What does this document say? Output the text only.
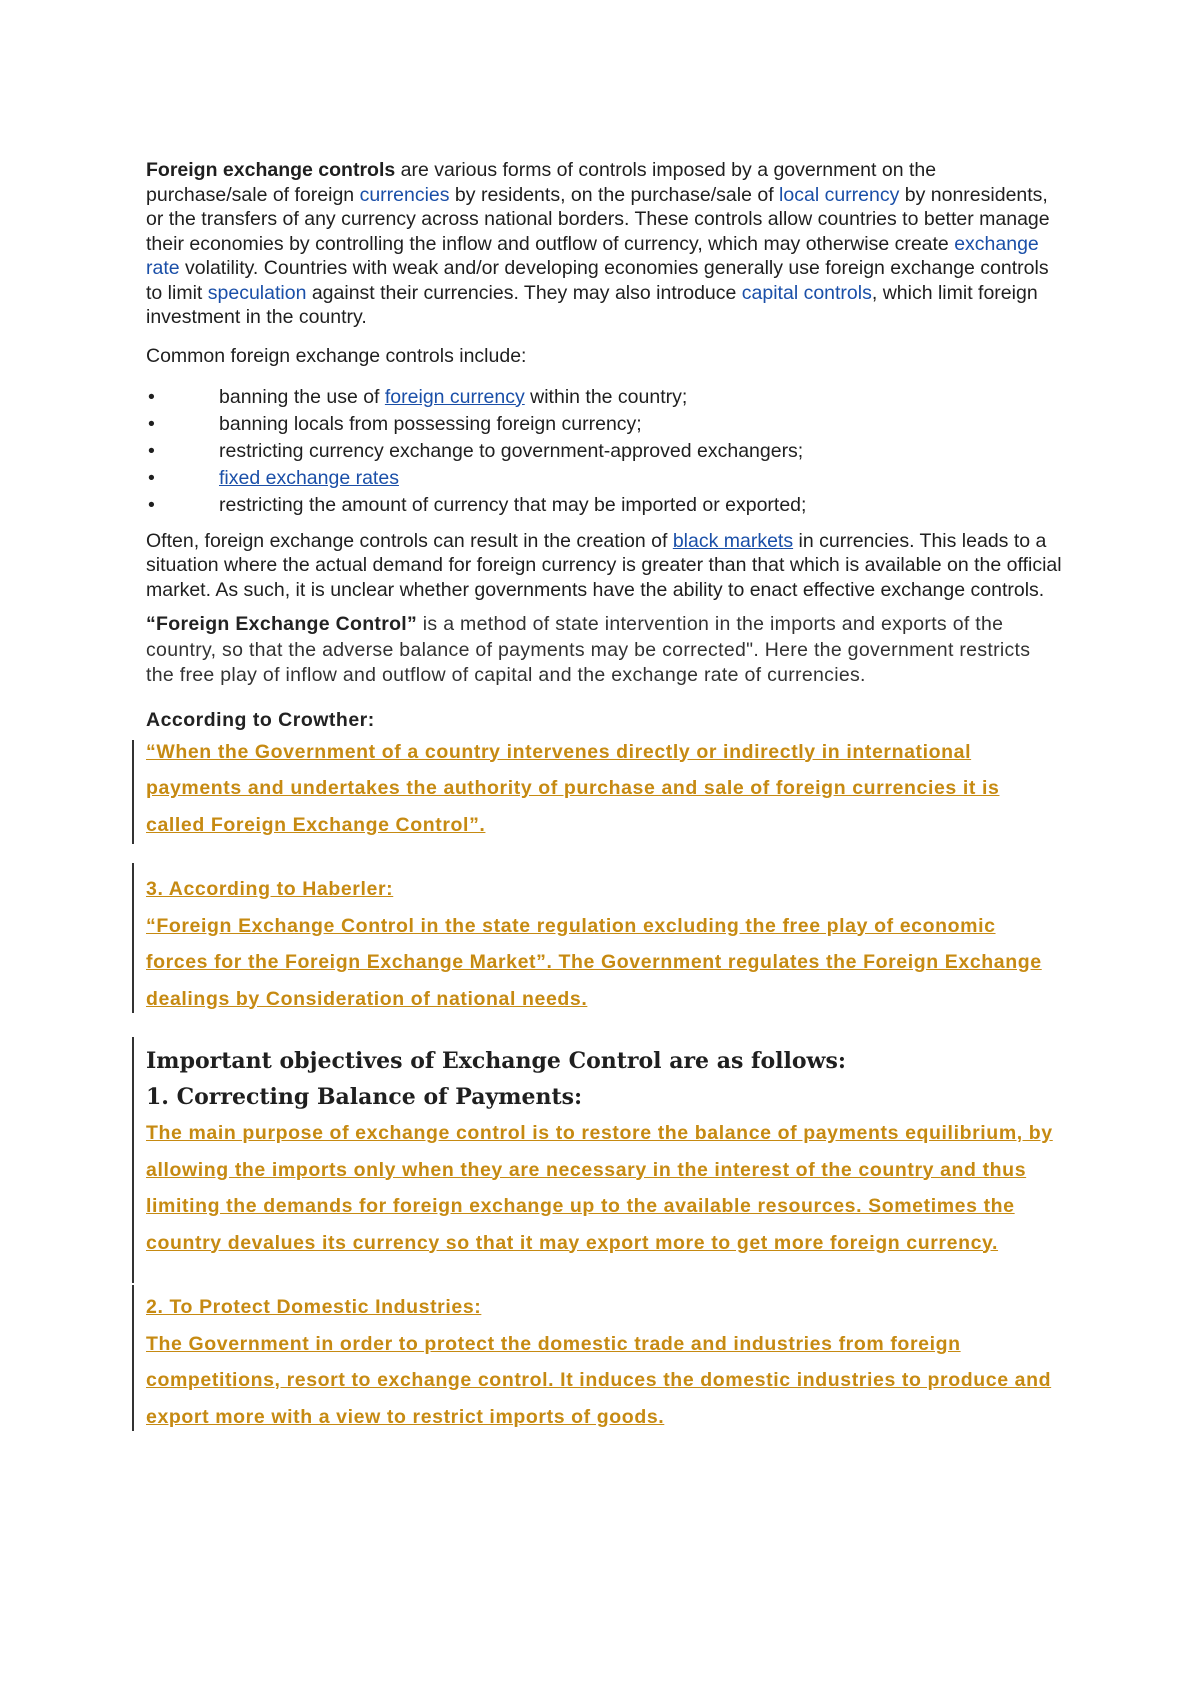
Foreign exchange controls are various forms of controls imposed by a government on the purchase/sale of foreign currencies by residents, on the purchase/sale of local currency by nonresidents, or the transfers of any currency across national borders. These controls allow countries to better manage their economies by controlling the inflow and outflow of currency, which may otherwise create exchange rate volatility. Countries with weak and/or developing economies generally use foreign exchange controls to limit speculation against their currencies. They may also introduce capital controls, which limit foreign investment in the country.

Common foreign exchange controls include:

•	banning the use of foreign currency within the country;
•	banning locals from possessing foreign currency;
•	restricting currency exchange to government-approved exchangers;
•	fixed exchange rates
•	restricting the amount of currency that may be imported or exported;

Often, foreign exchange controls can result in the creation of black markets in currencies. This leads to a situation where the actual demand for foreign currency is greater than that which is available on the official market. As such, it is unclear whether governments have the ability to enact effective exchange controls.

“Foreign Exchange Control” is a method of state intervention in the imports and exports of the country, so that the adverse balance of payments may be corrected". Here the government restricts the free play of inflow and outflow of capital and the exchange rate of currencies.

According to Crowther:

“When the Government of a country intervenes directly or indirectly in international payments and undertakes the authority of purchase and sale of foreign currencies it is called Foreign Exchange Control”.

3. According to Haberler:

“Foreign Exchange Control in the state regulation excluding the free play of economic forces for the Foreign Exchange Market”. The Government regulates the Foreign Exchange dealings by Consideration of national needs.

Important objectives of Exchange Control are as follows:

1. Correcting Balance of Payments:

The main purpose of exchange control is to restore the balance of payments equilibrium, by allowing the imports only when they are necessary in the interest of the country and thus limiting the demands for foreign exchange up to the available resources. Sometimes the country devalues its currency so that it may export more to get more foreign currency.

2. To Protect Domestic Industries:

The Government in order to protect the domestic trade and industries from foreign competitions, resort to exchange control. It induces the domestic industries to produce and export more with a view to restrict imports of goods.
